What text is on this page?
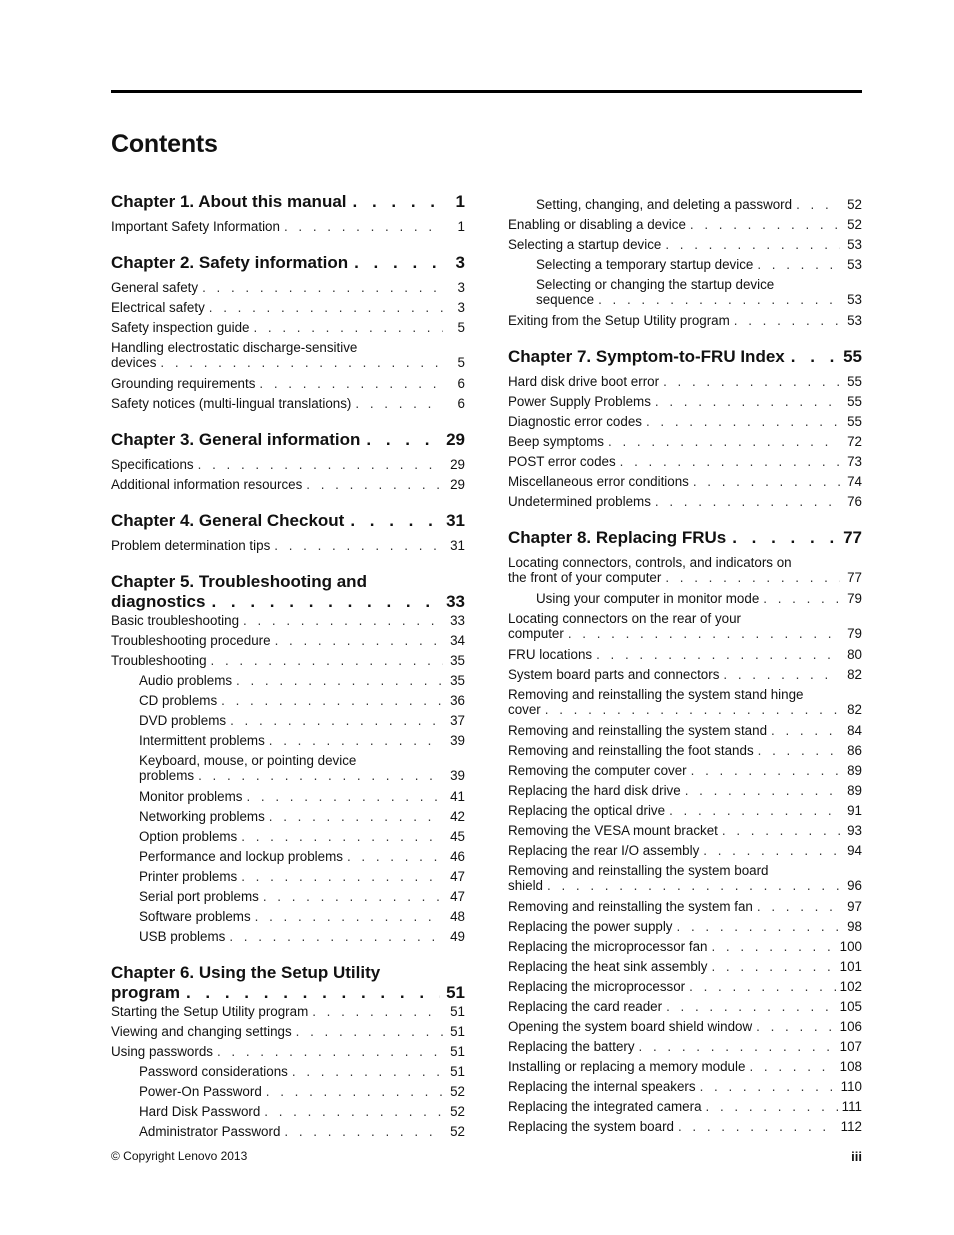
Contents
Chapter 1. About this manual . . .	1
Important Safety Information . . .	1
Chapter 2. Safety information . . .	3
General safety . . .	3
Electrical safety . . .	3
Safety inspection guide . . .	5
Handling electrostatic discharge-sensitive
devices . . .	5
Grounding requirements . . .	6
Safety notices (multi-lingual translations) . . .	6
Chapter 3. General information . . .	29
Specifications . . .	29
Additional information resources . . .	29
Chapter 4. General Checkout . . .	31
Problem determination tips . . .	31
Chapter 5. Troubleshooting and
diagnostics . . .	33
Basic troubleshooting . . .	33
Troubleshooting procedure . . .	34
Troubleshooting . . .	35
Audio problems . . .	35
CD problems . . .	36
DVD problems . . .	37
Intermittent problems . . .	39
Keyboard, mouse, or pointing device
problems . . .	39
Monitor problems . . .	41
Networking problems . . .	42
Option problems . . .	45
Performance and lockup problems . . .	46
Printer problems . . .	47
Serial port problems . . .	47
Software problems . . .	48
USB problems . . .	49
Chapter 6. Using the Setup Utility
program . . .	51
Starting the Setup Utility program . . .	51
Viewing and changing settings . . .	51
Using passwords . . .	51
Password considerations . . .	51
Power-On Password . . .	52
Hard Disk Password . . .	52
Administrator Password . . .	52
Setting, changing, and deleting a password . . .	52
Enabling or disabling a device . . .	52
Selecting a startup device . . .	53
Selecting a temporary startup device . . .	53
Selecting or changing the startup device
sequence . . .	53
Exiting from the Setup Utility program . . .	53
Chapter 7. Symptom-to-FRU Index . . .	55
Hard disk drive boot error . . .	55
Power Supply Problems . . .	55
Diagnostic error codes . . .	55
Beep symptoms . . .	72
POST error codes . . .	73
Miscellaneous error conditions . . .	74
Undetermined problems . . .	76
Chapter 8. Replacing FRUs . . .	77
Locating connectors, controls, and indicators on
the front of your computer . . .	77
Using your computer in monitor mode . . .	79
Locating connectors on the rear of your
computer . . .	79
FRU locations . . .	80
System board parts and connectors . . .	82
Removing and reinstalling the system stand hinge
cover . . .	82
Removing and reinstalling the system stand . . .	84
Removing and reinstalling the foot stands . . .	86
Removing the computer cover . . .	89
Replacing the hard disk drive . . .	89
Replacing the optical drive . . .	91
Removing the VESA mount bracket . . .	93
Replacing the rear I/O assembly . . .	94
Removing and reinstalling the system board
shield . . .	96
Removing and reinstalling the system fan . . .	97
Replacing the power supply . . .	98
Replacing the microprocessor fan . . .	100
Replacing the heat sink assembly . . .	101
Replacing the microprocessor . . .	102
Replacing the card reader . . .	105
Opening the system board shield window . . .	106
Replacing the battery . . .	107
Installing or replacing a memory module . . .	108
Replacing the internal speakers . . .	110
Replacing the integrated camera . . .	111
Replacing the system board . . .	112
© Copyright Lenovo 2013	iii
